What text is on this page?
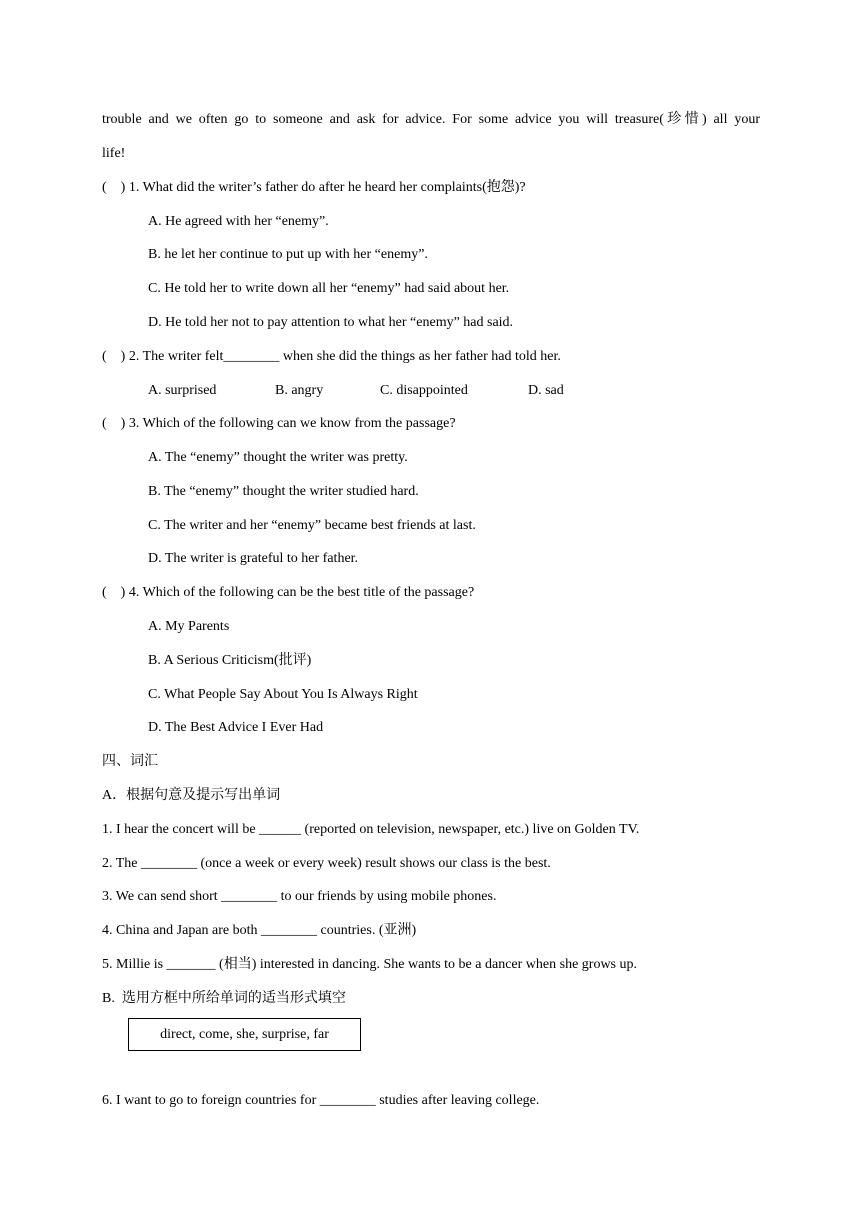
trouble and we often go to someone and ask for advice. For some advice you will treasure(珍惜) all your
life!
(    ) 1. What did the writer’s father do after he heard her complaints(抱怨)?
A. He agreed with her “enemy”.
B. he let her continue to put up with her “enemy”.
C. He told her to write down all her “enemy” had said about her.
D. He told her not to pay attention to what her “enemy” had said.
(    ) 2. The writer felt________ when she did the things as her father had told her.
A. surprised	B. angry	C. disappointed	D. sad
(    ) 3. Which of the following can we know from the passage?
A. The “enemy” thought the writer was pretty.
B. The “enemy” thought the writer studied hard.
C. The writer and her “enemy” became best friends at last.
D. The writer is grateful to her father.
(    ) 4. Which of the following can be the best title of the passage?
A. My Parents
B. A Serious Criticism(批评)
C. What People Say About You Is Always Right
D. The Best Advice I Ever Had
四、词汇
A．根据句意及提示写出单词
1. I hear the concert will be ______ (reported on television, newspaper, etc.) live on Golden TV.
2. The ________ (once a week or every week) result shows our class is the best.
3. We can send short ________ to our friends by using mobile phones.
4. China and Japan are both ________ countries. (亚洲)
5. Millie is _______ (相当) interested in dancing. She wants to be a dancer when she grows up.
B.  选用方框中所给单词的适当形式填空
direct, come, she, surprise, far
6. I want to go to foreign countries for ________ studies after leaving college.
